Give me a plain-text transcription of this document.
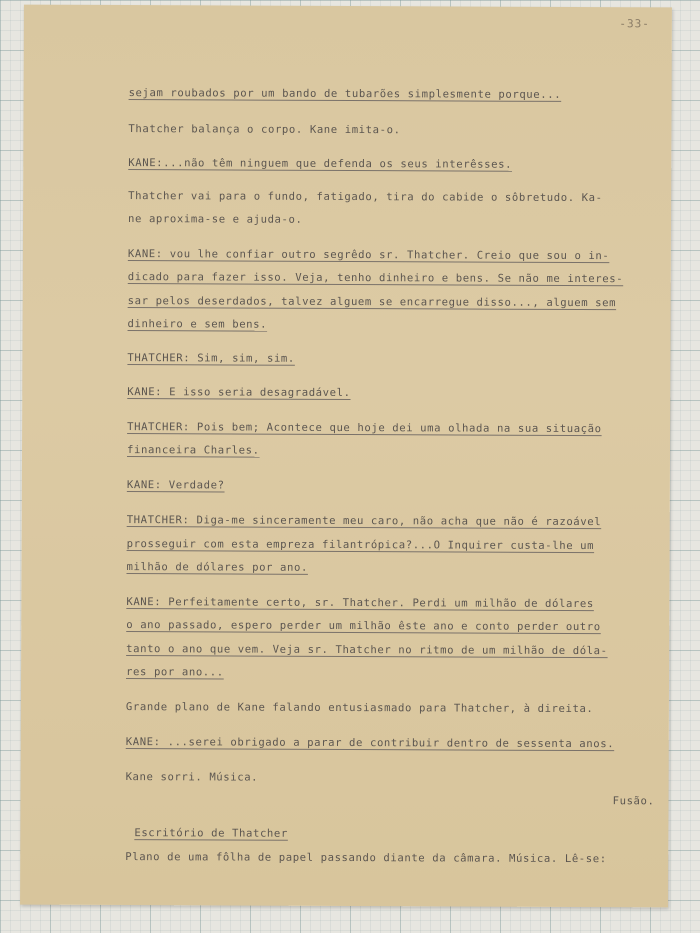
-33-
sejam roubados por um bando de tubarões simplesmente porque...
Thatcher balança o corpo. Kane imita-o.
KANE:...não têm ninguem que defenda os seus interêsses.
Thatcher vai para o fundo, fatigado, tira do cabide o sôbretudo. Ka-
ne aproxima-se e ajuda-o.
KANE: vou lhe confiar outro segrêdo sr. Thatcher. Creio que sou o in-
dicado para fazer isso. Veja, tenho dinheiro e bens. Se não me interes-
sar pelos deserdados, talvez alguem se encarregue disso..., alguem sem
dinheiro e sem bens.
THATCHER: Sim, sim, sim.
KANE: E isso seria desagradável.
THATCHER: Pois bem; Acontece que hoje dei uma olhada na sua situação
financeira Charles.
KANE: Verdade?
THATCHER: Diga-me sinceramente meu caro, não acha que não é razoável
prosseguir com esta empreza filantrópica?...O Inquirer custa-lhe um
milhão de dólares por ano.
KANE: Perfeitamente certo, sr. Thatcher. Perdi um milhão de dólares
o ano passado, espero perder um milhão êste ano e conto perder outro
tanto o ano que vem. Veja sr. Thatcher no ritmo de um milhão de dóla-
res por ano...
Grande plano de Kane falando entusiasmado para Thatcher, à direita.
KANE: ...serei obrigado a parar de contribuir dentro de sessenta anos.
Kane sorri. Música.
Fusão.
Escritório de Thatcher
Plano de uma fôlha de papel passando diante da câmara. Música. Lê-se:
